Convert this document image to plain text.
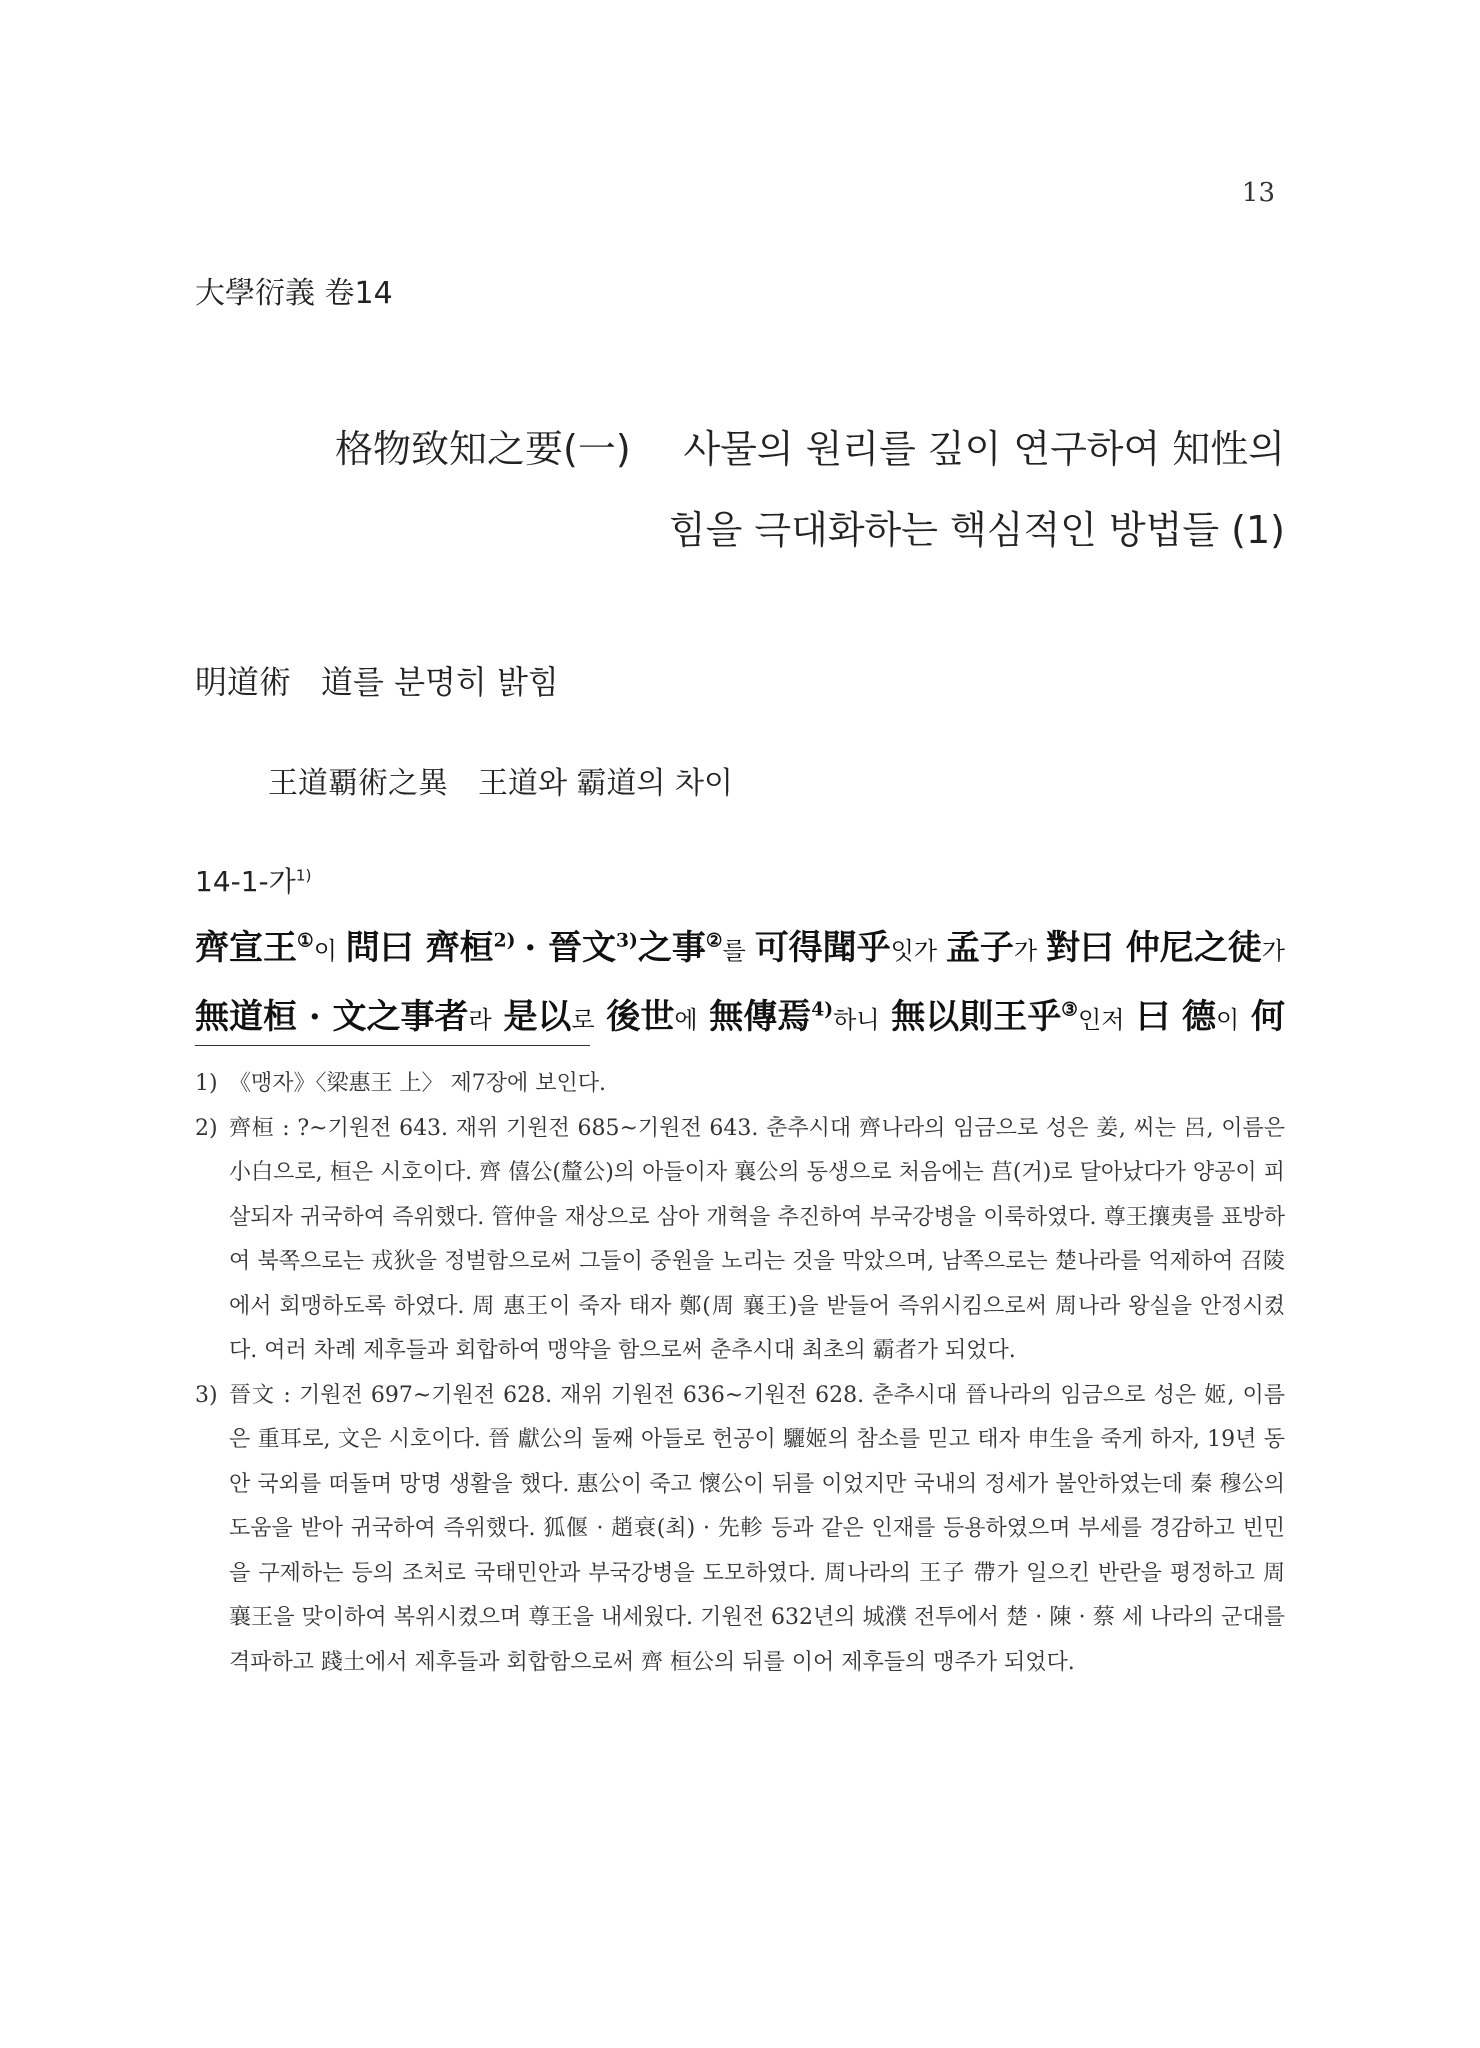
13
大學衍義 卷14
格物致知之要(一) 사물의 원리를 깊이 연구하여 知性의
힘을 극대화하는 핵심적인 방법들 (1)
明道術 道를 분명히 밝힘
王道覇術之異 王道와 霸道의 차이
14-1-가$^{1)}$
齊宣王①이 問曰 齊桓$^{2)}$ · 晉文$^{3)}$之事②를 可得聞乎잇가 孟子가 對曰 仲尼之徒가
無道桓 · 文之事者라 是以로 後世에 無傳焉$^{4)}$하니 無以則王乎③인저 曰 德이 何
1) 《맹자》〈梁惠王 上〉 제7장에 보인다.
2) 齊桓 : ?~기원전 643. 재위 기원전 685~기원전 643. 춘추시대 齊나라의 임금으로 성은 姜, 씨는 呂, 이름은 小白으로, 桓은 시호이다. 齊 僖公(釐公)의 아들이자 襄公의 동생으로 처음에는 莒(거)로 달아났다가 양공이 피살되자 귀국하여 즉위했다. 管仲을 재상으로 삼아 개혁을 추진하여 부국강병을 이룩하였다. 尊王攘夷를 표방하여 북쪽으로는 戎狄을 정벌함으로써 그들이 중원을 노리는 것을 막았으며, 남쪽으로는 楚나라를 억제하여 召陵에서 회맹하도록 하였다. 周 惠王이 죽자 태자 鄭(周 襄王)을 받들어 즉위시킴으로써 周나라 왕실을 안정시켰다. 여러 차례 제후들과 회합하여 맹약을 함으로써 춘추시대 최초의 霸者가 되었다.
3) 晉文 : 기원전 697~기원전 628. 재위 기원전 636~기원전 628. 춘추시대 晉나라의 임금으로 성은 姬, 이름은 重耳로, 文은 시호이다. 晉 獻公의 둘째 아들로 헌공이 驪姬의 참소를 믿고 태자 申生을 죽게 하자, 19년 동안 국외를 떠돌며 망명 생활을 했다. 惠公이 죽고 懷公이 뒤를 이었지만 국내의 정세가 불안하였는데 秦 穆公의 도움을 받아 귀국하여 즉위했다. 狐偃 · 趙衰(최) · 先軫 등과 같은 인재를 등용하였으며 부세를 경감하고 빈민을 구제하는 등의 조처로 국태민안과 부국강병을 도모하였다. 周나라의 王子 帶가 일으킨 반란을 평정하고 周 襄王을 맞이하여 복위시켰으며 尊王을 내세웠다. 기원전 632년의 城濮 전투에서 楚 · 陳 · 蔡 세 나라의 군대를 격파하고 踐土에서 제후들과 회합함으로써 齊 桓公의 뒤를 이어 제후들의 맹주가 되었다.
